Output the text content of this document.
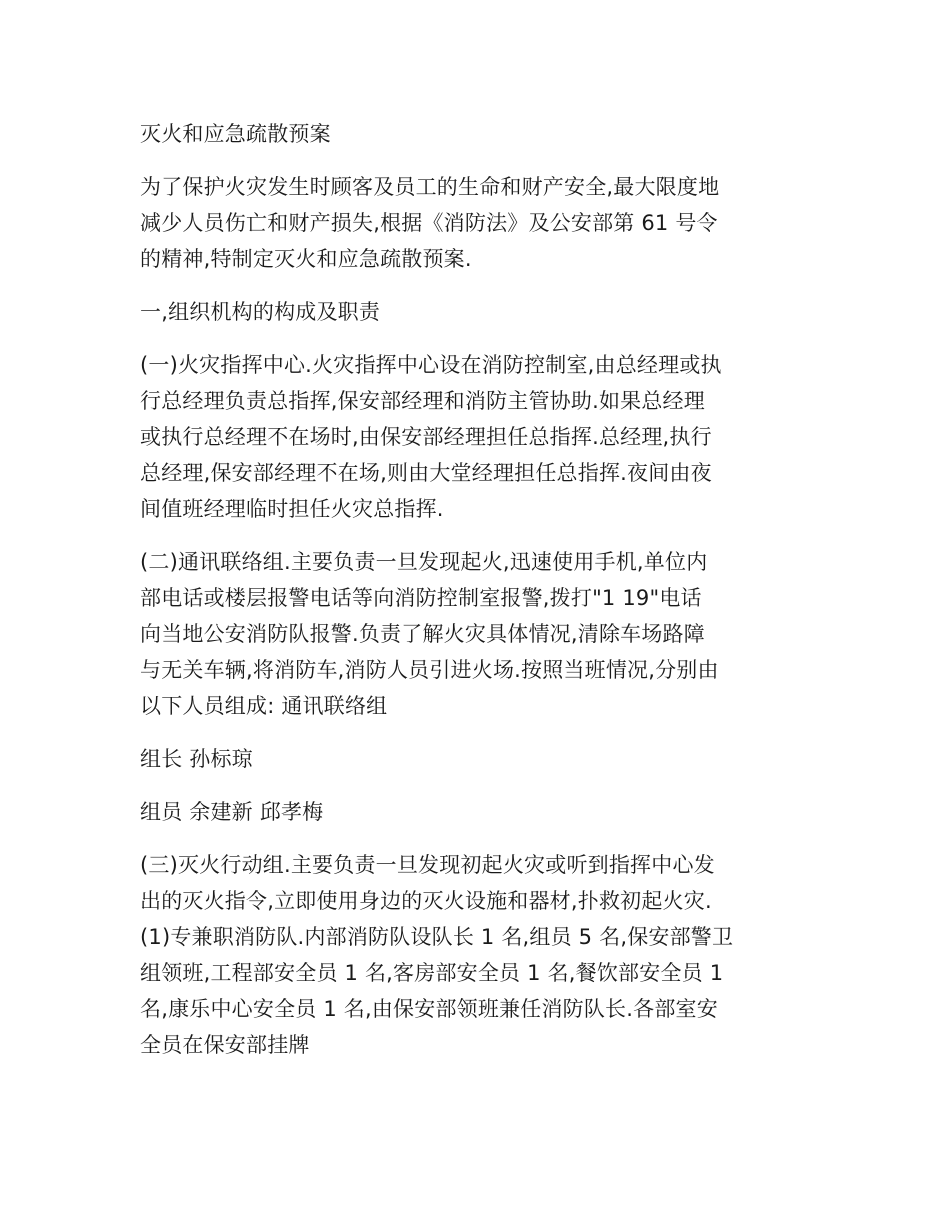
灭火和应急疏散预案

为了保护火灾发生时顾客及员工的生命和财产安全,最大限度地
减少人员伤亡和财产损失,根据《消防法》及公安部第 61 号令
的精神,特制定灭火和应急疏散预案.

一,组织机构的构成及职责

(一)火灾指挥中心.火灾指挥中心设在消防控制室,由总经理或执
行总经理负责总指挥,保安部经理和消防主管协助.如果总经理
或执行总经理不在场时,由保安部经理担任总指挥.总经理,执行
总经理,保安部经理不在场,则由大堂经理担任总指挥.夜间由夜
间值班经理临时担任火灾总指挥.

(二)通讯联络组.主要负责一旦发现起火,迅速使用手机,单位内
部电话或楼层报警电话等向消防控制室报警,拨打"1 19"电话
向当地公安消防队报警.负责了解火灾具体情况,清除车场路障
与无关车辆,将消防车,消防人员引进火场.按照当班情况,分别由
以下人员组成: 通讯联络组

组长 孙标琼

组员 余建新 邱孝梅

(三)灭火行动组.主要负责一旦发现初起火灾或听到指挥中心发
出的灭火指令,立即使用身边的灭火设施和器材,扑救初起火灾.
(1)专兼职消防队.内部消防队设队长 1 名,组员 5 名,保安部警卫
组领班,工程部安全员 1 名,客房部安全员 1 名,餐饮部安全员 1
名,康乐中心安全员 1 名,由保安部领班兼任消防队长.各部室安
全员在保安部挂牌
